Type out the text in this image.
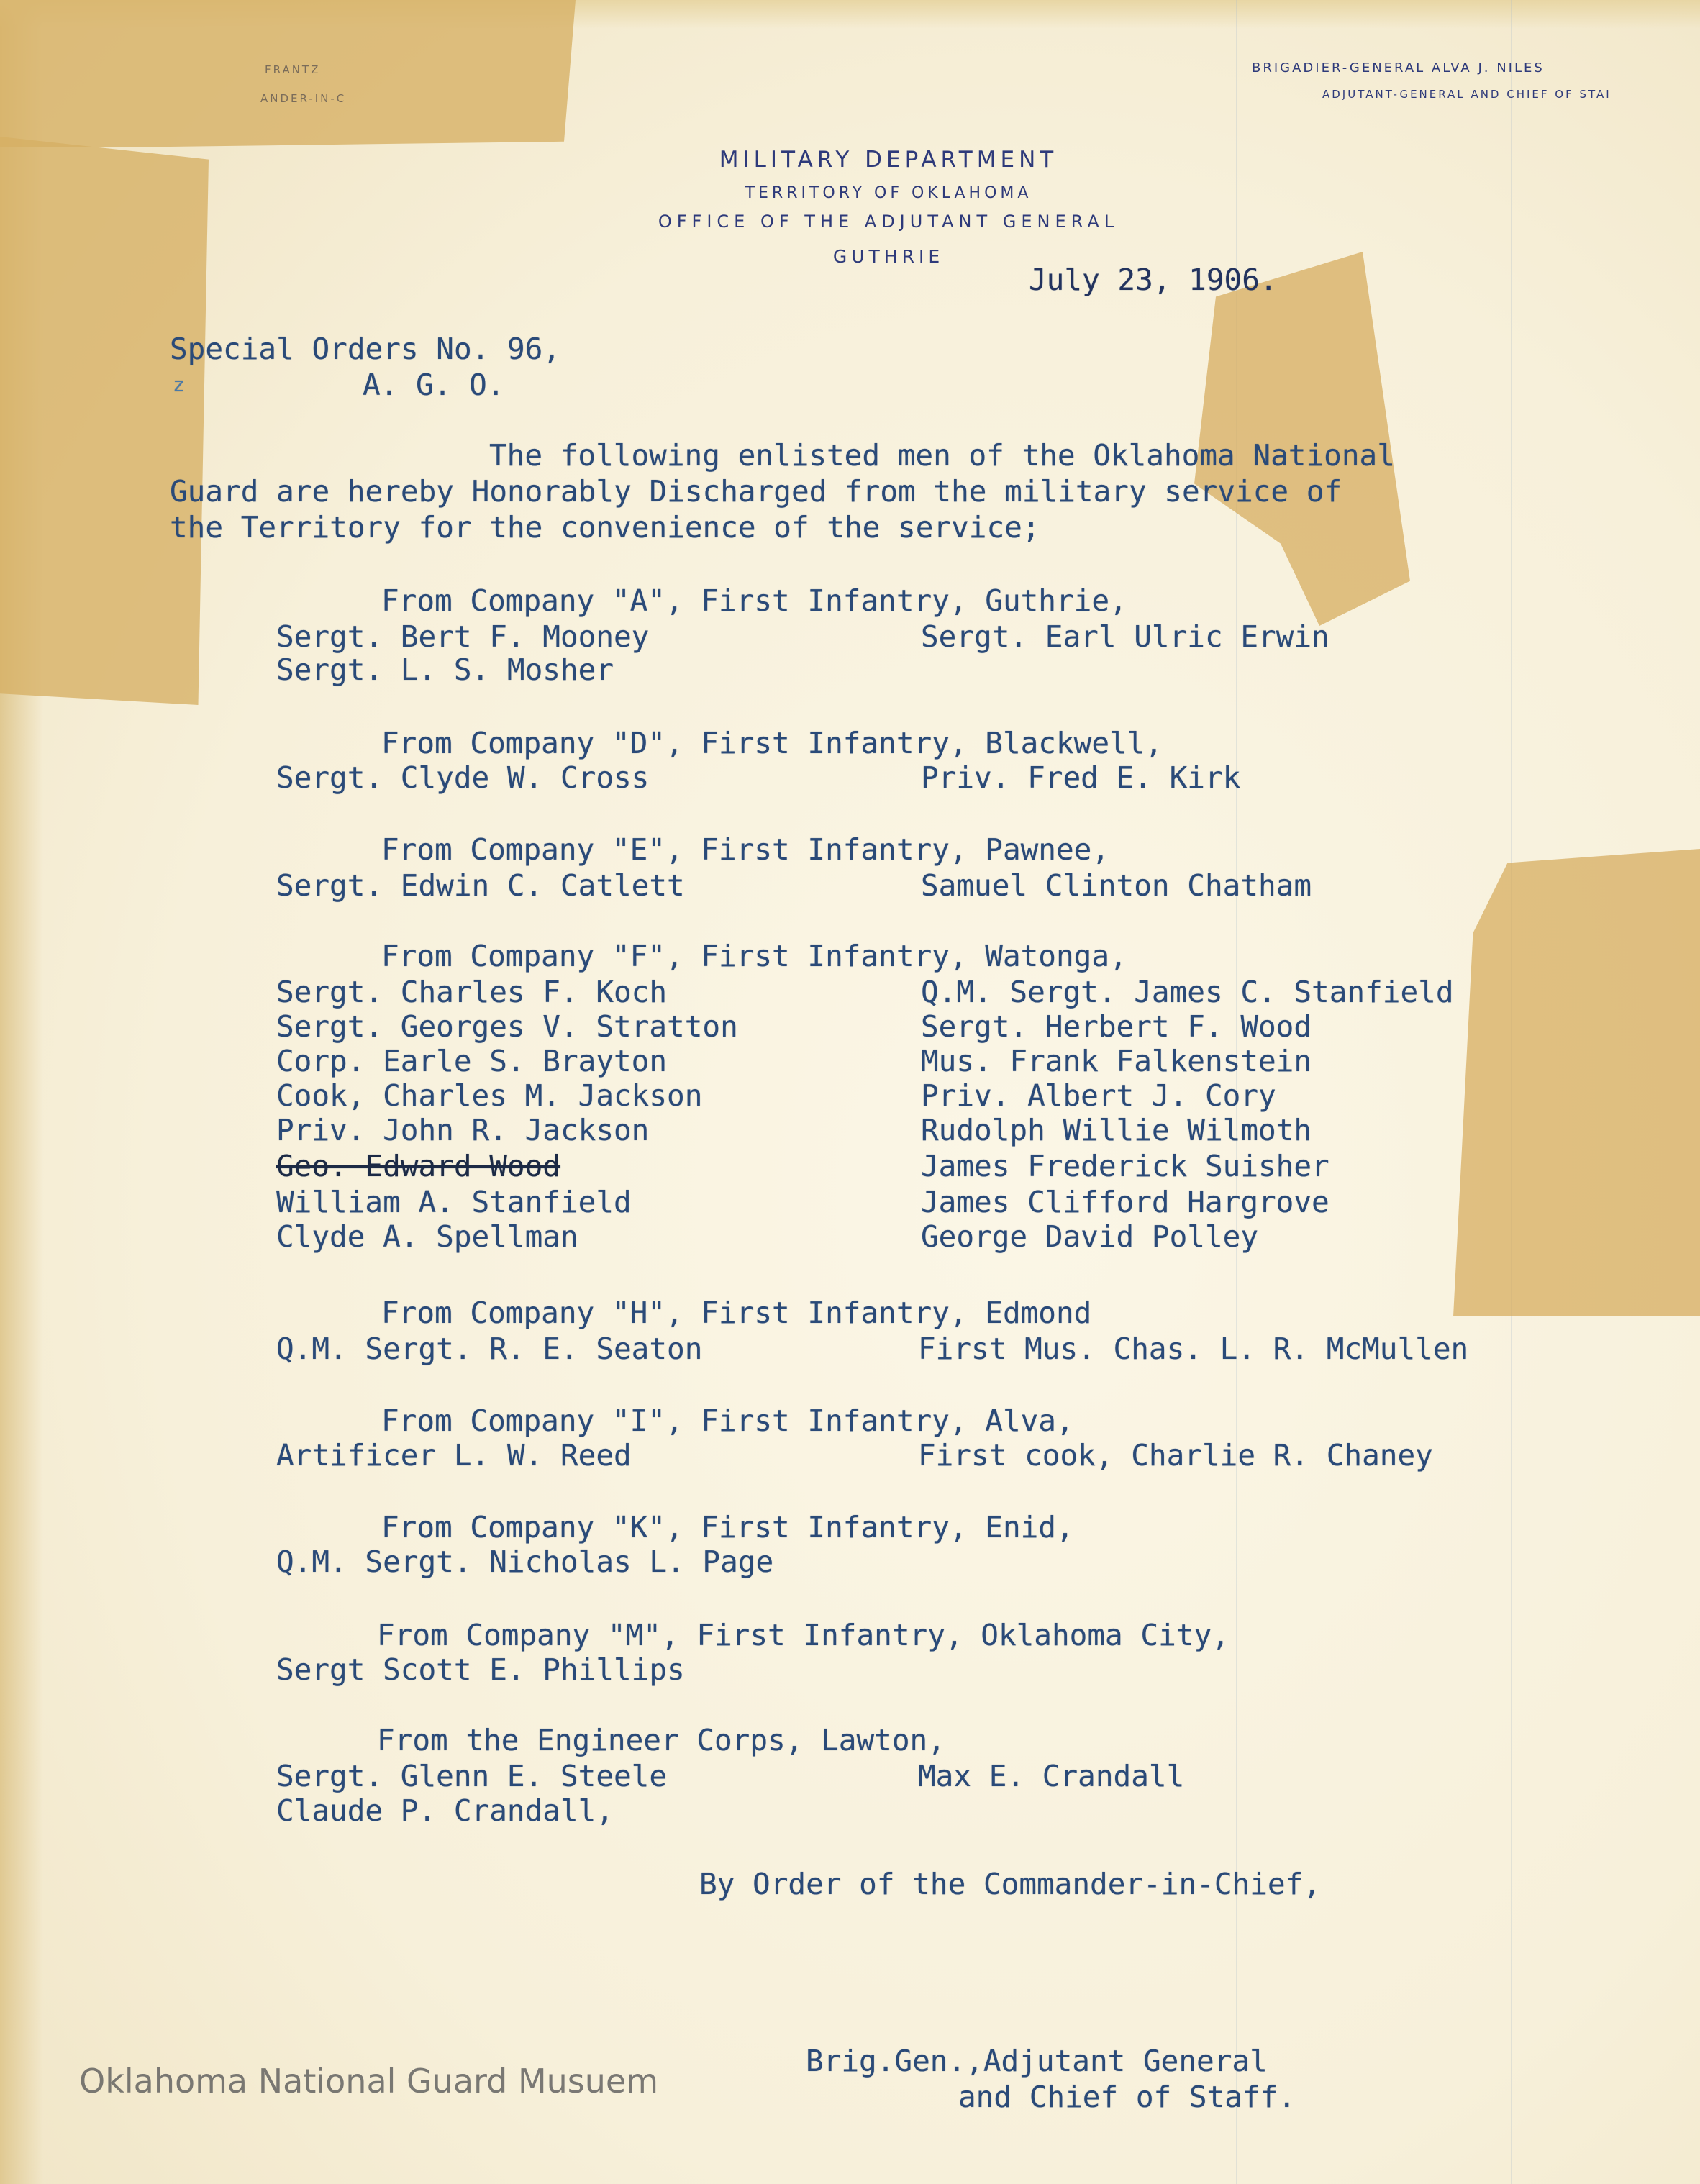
FRANTZ
ANDER-IN-C
BRIGADIER-GENERAL ALVA J. NILES
ADJUTANT-GENERAL AND CHIEF OF STAI
MILITARY DEPARTMENT
TERRITORY OF OKLAHOMA
OFFICE OF THE ADJUTANT GENERAL
GUTHRIE
July 23, 1906.
Special Orders No. 96,
z	A. G. O.
The following enlisted men of the Oklahoma National
Guard are hereby Honorably Discharged from the military service of
the Territory for the convenience of the service;
From Company "A", First Infantry, Guthrie,
Sergt. Bert F. Mooney	Sergt. Earl Ulric Erwin
Sergt. L. S. Mosher
From Company "D", First Infantry, Blackwell,
Sergt. Clyde W. Cross	Priv. Fred E. Kirk
From Company "E", First Infantry, Pawnee,
Sergt. Edwin C. Catlett	Samuel Clinton Chatham
From Company "F", First Infantry, Watonga,
Sergt. Charles F. Koch	Q.M. Sergt. James C. Stanfield
Sergt. Georges V. Stratton	Sergt. Herbert F. Wood
Corp. Earle S. Brayton	Mus. Frank Falkenstein
Cook, Charles M. Jackson	Priv. Albert J. Cory
Priv. John R. Jackson	Rudolph Willie Wilmoth
Geo. Edward Wood	James Frederick Suisher
William A. Stanfield	James Clifford Hargrove
Clyde A. Spellman	George David Polley
From Company "H", First Infantry, Edmond
Q.M. Sergt. R. E. Seaton	First Mus. Chas. L. R. McMullen
From Company "I", First Infantry, Alva,
Artificer L. W. Reed	First cook, Charlie R. Chaney
From Company "K", First Infantry, Enid,
Q.M. Sergt. Nicholas L. Page
From Company "M", First Infantry, Oklahoma City,
Sergt Scott E. Phillips
From the Engineer Corps, Lawton,
Sergt. Glenn E. Steele	Max E. Crandall
Claude P. Crandall,
By Order of the Commander-in-Chief,
Brig.Gen.,Adjutant General
and Chief of Staff.
Oklahoma National Guard Musuem
